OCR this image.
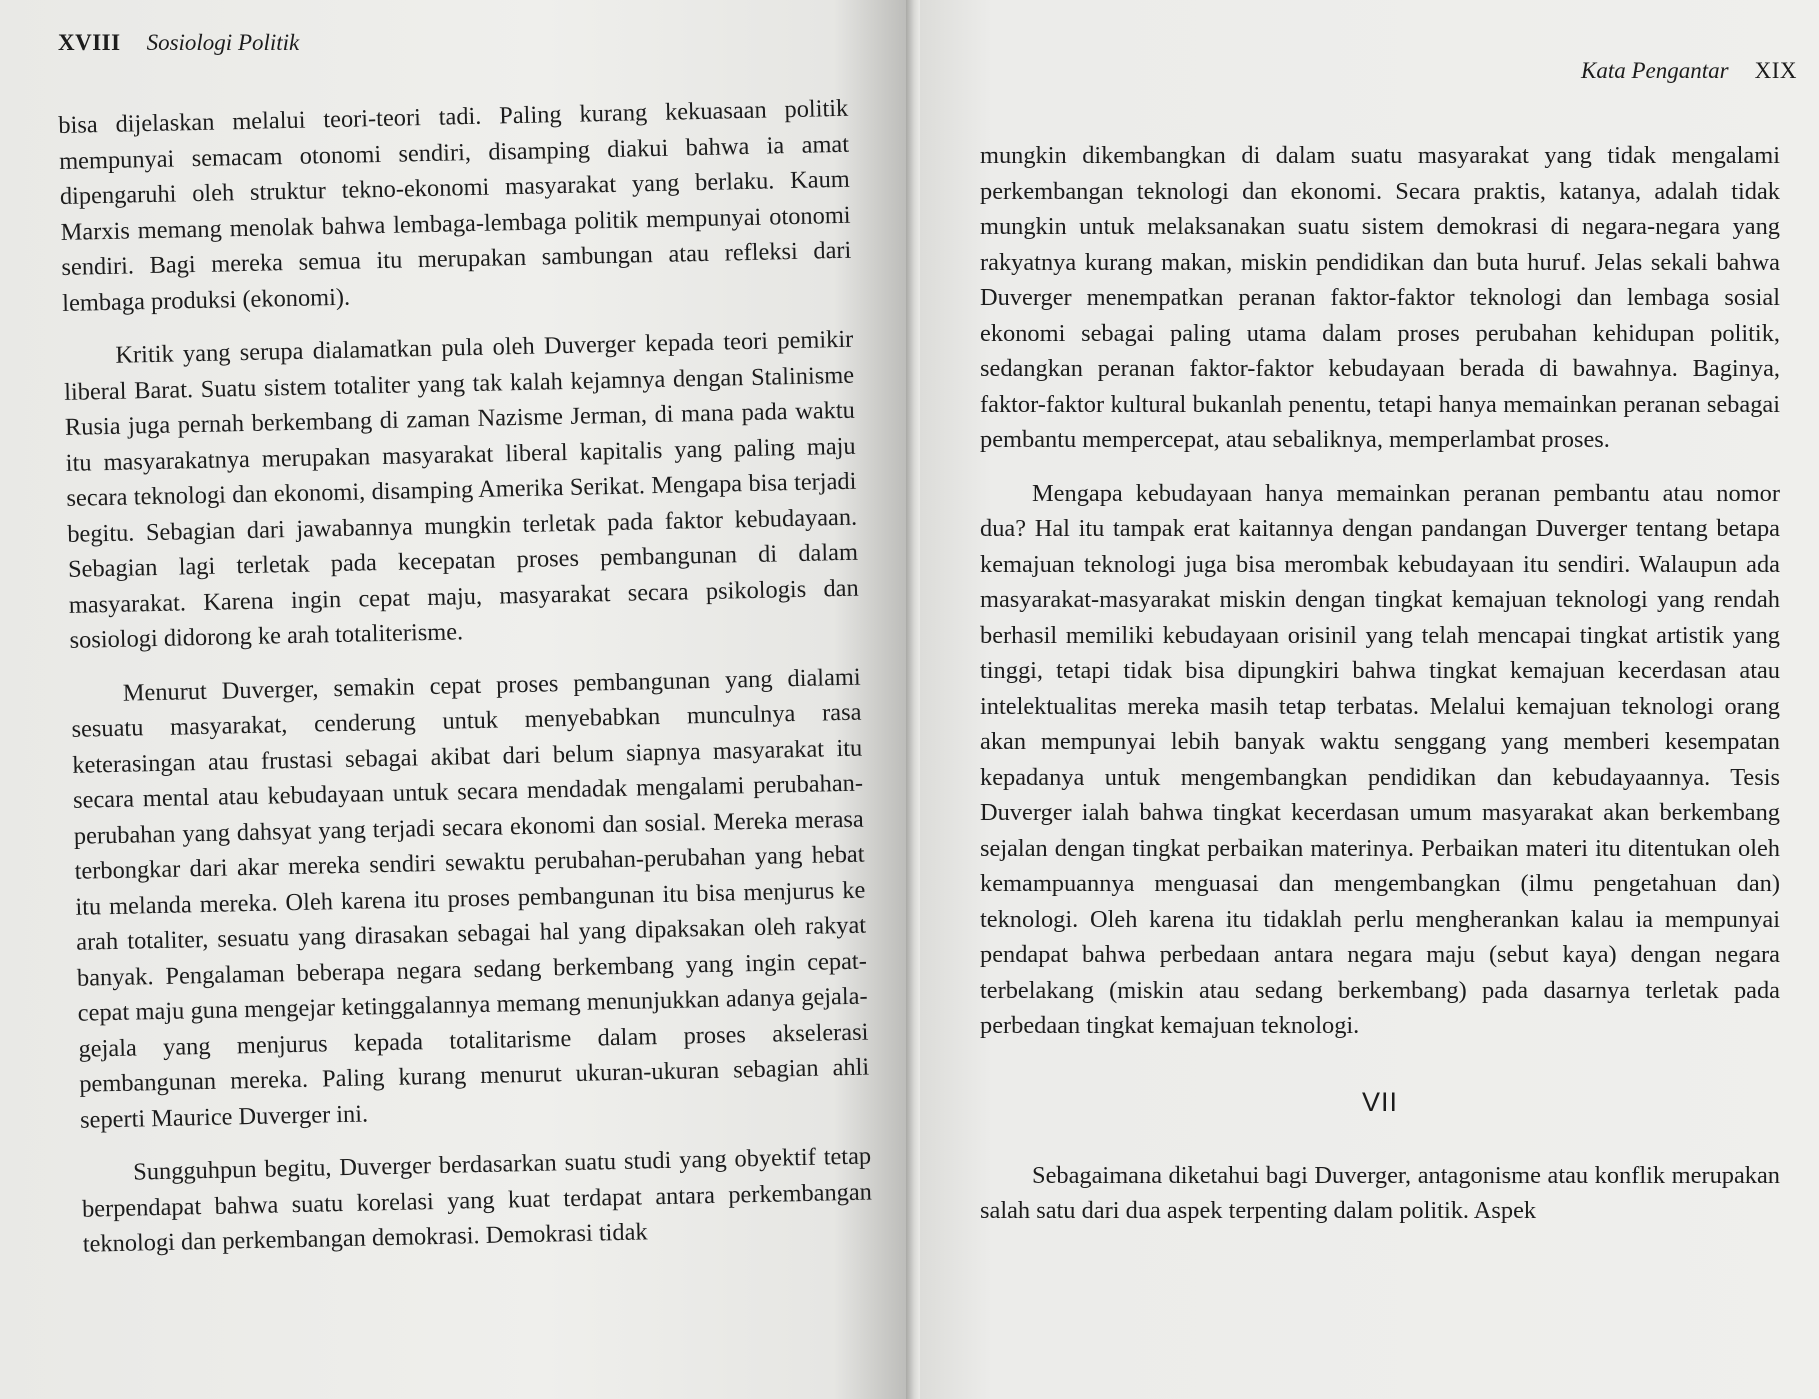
XVIII Sosiologi Politik

bisa dijelaskan melalui teori-teori tadi. Paling kurang kekuasaan politik mempunyai semacam otonomi sendiri, disamping diakui bahwa ia amat dipengaruhi oleh struktur tekno-ekonomi masyarakat yang berlaku. Kaum Marxis memang menolak bahwa lembaga-lembaga politik mempunyai otonomi sendiri. Bagi mereka semua itu merupakan sambungan atau refleksi dari lembaga produksi (ekonomi).

Kritik yang serupa dialamatkan pula oleh Duverger kepada teori pemikir liberal Barat. Suatu sistem totaliter yang tak kalah kejamnya dengan Stalinisme Rusia juga pernah berkembang di zaman Nazisme Jerman, di mana pada waktu itu masyarakatnya merupakan masyarakat liberal kapitalis yang paling maju secara teknologi dan ekonomi, disamping Amerika Serikat. Mengapa bisa terjadi begitu. Sebagian dari jawabannya mungkin terletak pada faktor kebudayaan. Sebagian lagi terletak pada kecepatan proses pembangunan di dalam masyarakat. Karena ingin cepat maju, masyarakat secara psikologis dan sosiologi didorong ke arah totaliterisme.

Menurut Duverger, semakin cepat proses pembangunan yang dialami sesuatu masyarakat, cenderung untuk menyebabkan munculnya rasa keterasingan atau frustasi sebagai akibat dari belum siapnya masyarakat itu secara mental atau kebudayaan untuk secara mendadak mengalami perubahan-perubahan yang dahsyat yang terjadi secara ekonomi dan sosial. Mereka merasa terbongkar dari akar mereka sendiri sewaktu perubahan-perubahan yang hebat itu melanda mereka. Oleh karena itu proses pembangunan itu bisa menjurus ke arah totaliter, sesuatu yang dirasakan sebagai hal yang dipaksakan oleh rakyat banyak. Pengalaman beberapa negara sedang berkembang yang ingin cepat-cepat maju guna mengejar ketinggalannya memang menunjukkan adanya gejala-gejala yang menjurus kepada totalitarisme dalam proses akselerasi pembangunan mereka. Paling kurang menurut ukuran-ukuran sebagian ahli seperti Maurice Duverger ini.

Sungguhpun begitu, Duverger berdasarkan suatu studi yang obyektif tetap berpendapat bahwa suatu korelasi yang kuat terdapat antara perkembangan teknologi dan perkembangan demokrasi. Demokrasi tidak

Kata Pengantar XIX

mungkin dikembangkan di dalam suatu masyarakat yang tidak mengalami perkembangan teknologi dan ekonomi. Secara praktis, katanya, adalah tidak mungkin untuk melaksanakan suatu sistem demokrasi di negara-negara yang rakyatnya kurang makan, miskin pendidikan dan buta huruf. Jelas sekali bahwa Duverger menempatkan peranan faktor-faktor teknologi dan lembaga sosial ekonomi sebagai paling utama dalam proses perubahan kehidupan politik, sedangkan peranan faktor-faktor kebudayaan berada di bawahnya. Baginya, faktor-faktor kultural bukanlah penentu, tetapi hanya memainkan peranan sebagai pembantu mempercepat, atau sebaliknya, memperlambat proses.

Mengapa kebudayaan hanya memainkan peranan pembantu atau nomor dua? Hal itu tampak erat kaitannya dengan pandangan Duverger tentang betapa kemajuan teknologi juga bisa merombak kebudayaan itu sendiri. Walaupun ada masyarakat-masyarakat miskin dengan tingkat kemajuan teknologi yang rendah berhasil memiliki kebudayaan orisinil yang telah mencapai tingkat artistik yang tinggi, tetapi tidak bisa dipungkiri bahwa tingkat kemajuan kecerdasan atau intelektualitas mereka masih tetap terbatas. Melalui kemajuan teknologi orang akan mempunyai lebih banyak waktu senggang yang memberi kesempatan kepadanya untuk mengembangkan pendidikan dan kebudayaannya. Tesis Duverger ialah bahwa tingkat kecerdasan umum masyarakat akan berkembang sejalan dengan tingkat perbaikan materinya. Perbaikan materi itu ditentukan oleh kemampuannya menguasai dan mengembangkan (ilmu pengetahuan dan) teknologi. Oleh karena itu tidaklah perlu mengherankan kalau ia mempunyai pendapat bahwa perbedaan antara negara maju (sebut kaya) dengan negara terbelakang (miskin atau sedang berkembang) pada dasarnya terletak pada perbedaan tingkat kemajuan teknologi.

VII

Sebagaimana diketahui bagi Duverger, antagonisme atau konflik merupakan salah satu dari dua aspek terpenting dalam politik. Aspek
